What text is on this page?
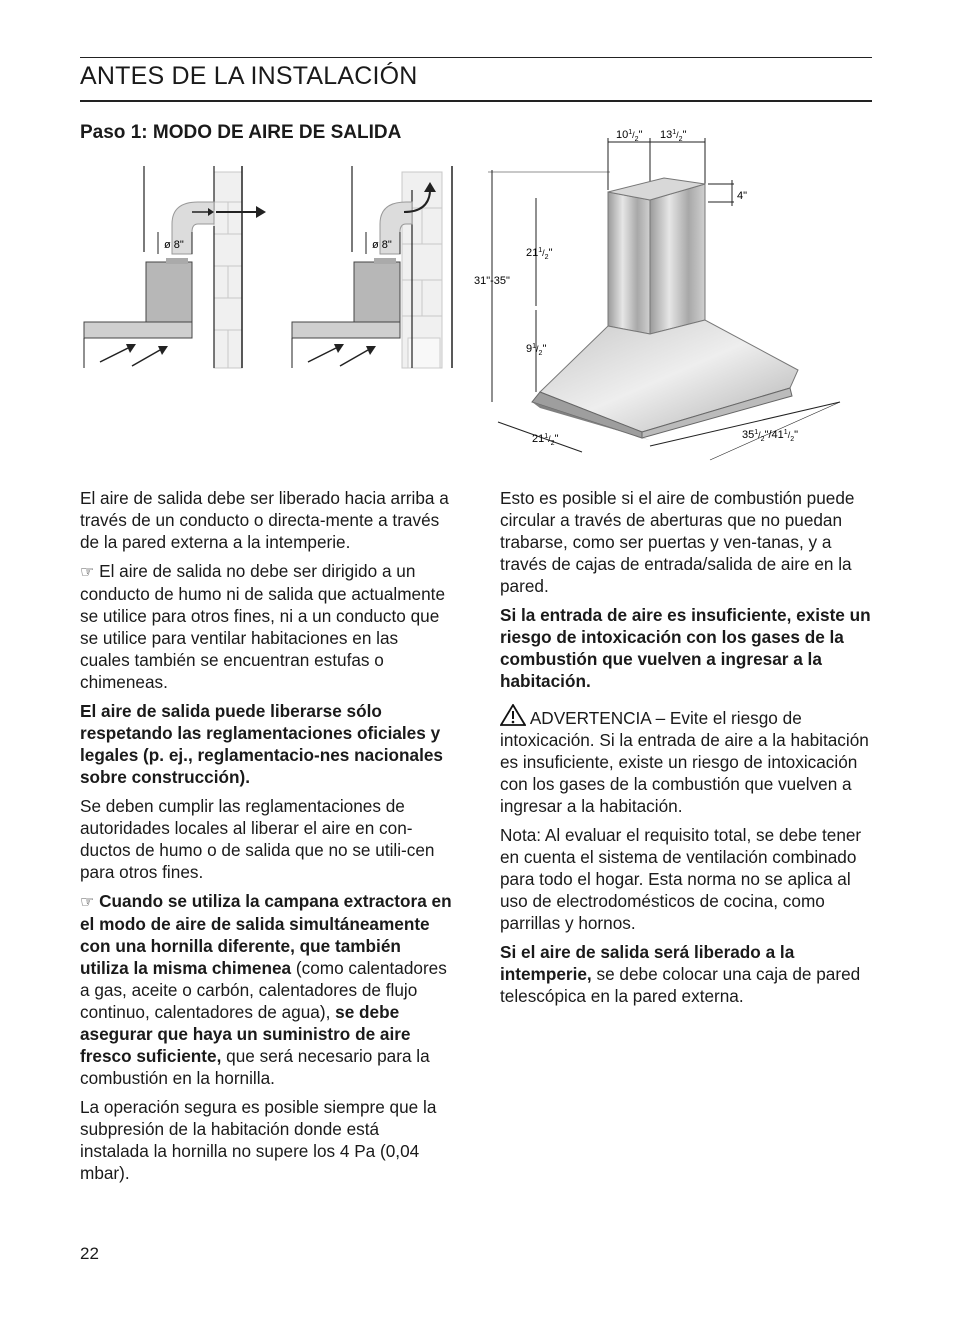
ANTES DE LA INSTALACIÓN
Paso 1: MODO DE AIRE DE SALIDA
ø 8"	ø 8"
$10^1_{/2}$" $13^1_{/2}$"
4"
$21^1_{/2}$"
31"-35"
$9^1_{/2}$"
$21^1_{/2}$"	$35^1_{/2}"/41^1_{/2}$"

El aire de salida debe ser liberado hacia arriba a través de un conducto o directa-mente a través de la pared externa a la intemperie.

☞ El aire de salida no debe ser dirigido a un conducto de humo ni de salida que actualmente se utilice para otros fines, ni a un conducto que se utilice para ventilar habitaciones en las cuales también se encuentran estufas o chimeneas.

El aire de salida puede liberarse sólo respetando las reglamentaciones oficiales y legales (p. ej., reglamentacio-nes nacionales sobre construcción).

Se deben cumplir las reglamentaciones de autoridades locales al liberar el aire en con-ductos de humo o de salida que no se utili-cen para otros fines.

☞ Cuando se utiliza la campana extractora en el modo de aire de salida simultáneamente con una hornilla diferente, que también utiliza la misma chimenea (como calentadores a gas, aceite o carbón, calentadores de flujo continuo, calentadores de agua), se debe asegurar que haya un suministro de aire fresco suficiente, que será necesario para la combustión en la hornilla.

La operación segura es posible siempre que la subpresión de la habitación donde está instalada la hornilla no supere los 4 Pa (0,04 mbar).

Esto es posible si el aire de combustión puede circular a través de aberturas que no puedan trabarse, como ser puertas y ven-tanas, y a través de cajas de entrada/salida de aire en la pared.

Si la entrada de aire es insuficiente, existe un riesgo de intoxicación con los gases de la combustión que vuelven a ingresar a la habitación.

ADVERTENCIA – Evite el riesgo de intoxicación. Si la entrada de aire a la habitación es insuficiente, existe un riesgo de intoxicación con los gases de la combustión que vuelven a ingresar a la habitación.

Nota: Al evaluar el requisito total, se debe tener en cuenta el sistema de ventilación combinado para todo el hogar. Esta norma no se aplica al uso de electrodomésticos de cocina, como parrillas y hornos.

Si el aire de salida será liberado a la intemperie, se debe colocar una caja de pared telescópica en la pared externa.

22
